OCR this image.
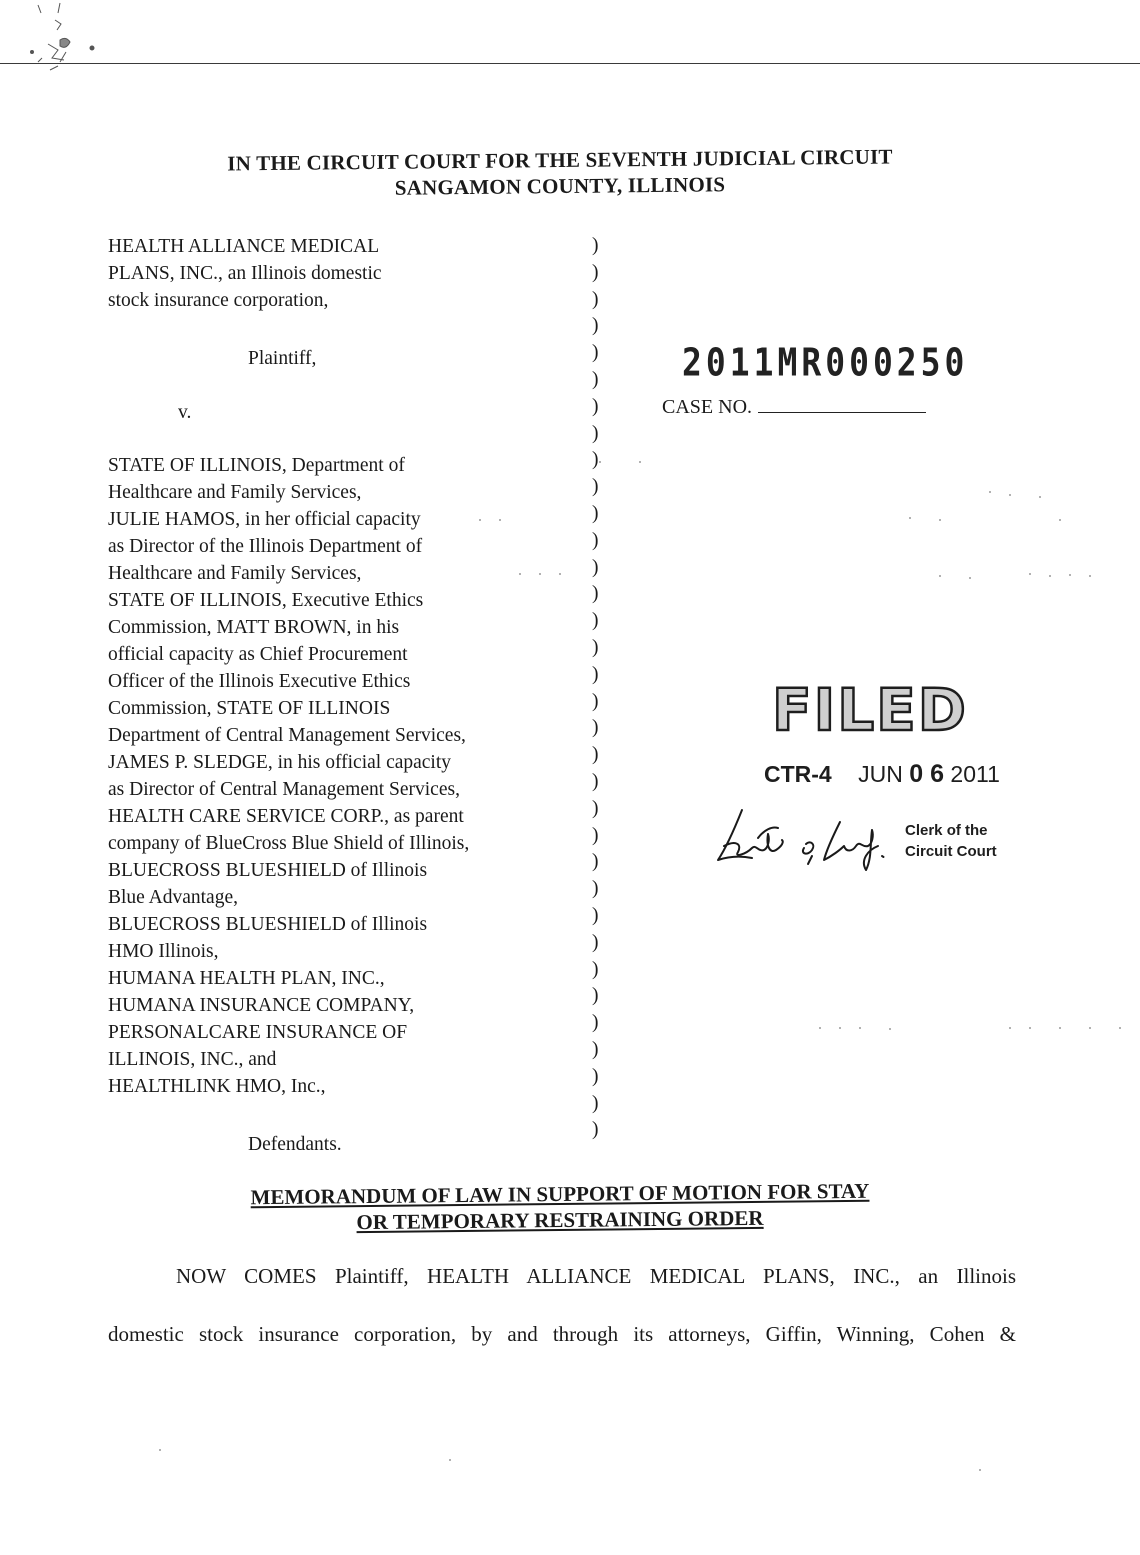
IN THE CIRCUIT COURT FOR THE SEVENTH JUDICIAL CIRCUIT
SANGAMON COUNTY, ILLINOIS
HEALTH ALLIANCE MEDICAL
PLANS, INC., an Illinois domestic
stock insurance corporation,
Plaintiff,
v.
STATE OF ILLINOIS, Department of
Healthcare and Family Services,
JULIE HAMOS, in her official capacity
as Director of the Illinois Department of
Healthcare and Family Services,
STATE OF ILLINOIS, Executive Ethics
Commission, MATT BROWN, in his
official capacity as Chief Procurement
Officer of the Illinois Executive Ethics
Commission, STATE OF ILLINOIS
Department of Central Management Services,
JAMES P. SLEDGE, in his official capacity
as Director of Central Management Services,
HEALTH CARE SERVICE CORP., as parent
company of BlueCross Blue Shield of Illinois,
BLUECROSS BLUESHIELD of Illinois
Blue Advantage,
BLUECROSS BLUESHIELD of Illinois
HMO Illinois,
HUMANA HEALTH PLAN, INC.,
HUMANA INSURANCE COMPANY,
PERSONALCARE INSURANCE OF
ILLINOIS, INC., and
HEALTHLINK HMO, Inc.,
Defendants.
)
)
)
)
)
)
)
)
)
)
)
)
)
)
)
)
)
)
)
)
)
)
)
)
)
)
)
)
)
)
)
)
)
)
2011MR000250
CASE NO.
FILED
CTR-4 JUN 0 6 2011
Clerk of the
Circuit Court
MEMORANDUM OF LAW IN SUPPORT OF MOTION FOR STAY
OR TEMPORARY RESTRAINING ORDER
NOW COMES Plaintiff, HEALTH ALLIANCE MEDICAL PLANS, INC., an Illinois
domestic stock insurance corporation, by and through its attorneys, Giffin, Winning, Cohen &
